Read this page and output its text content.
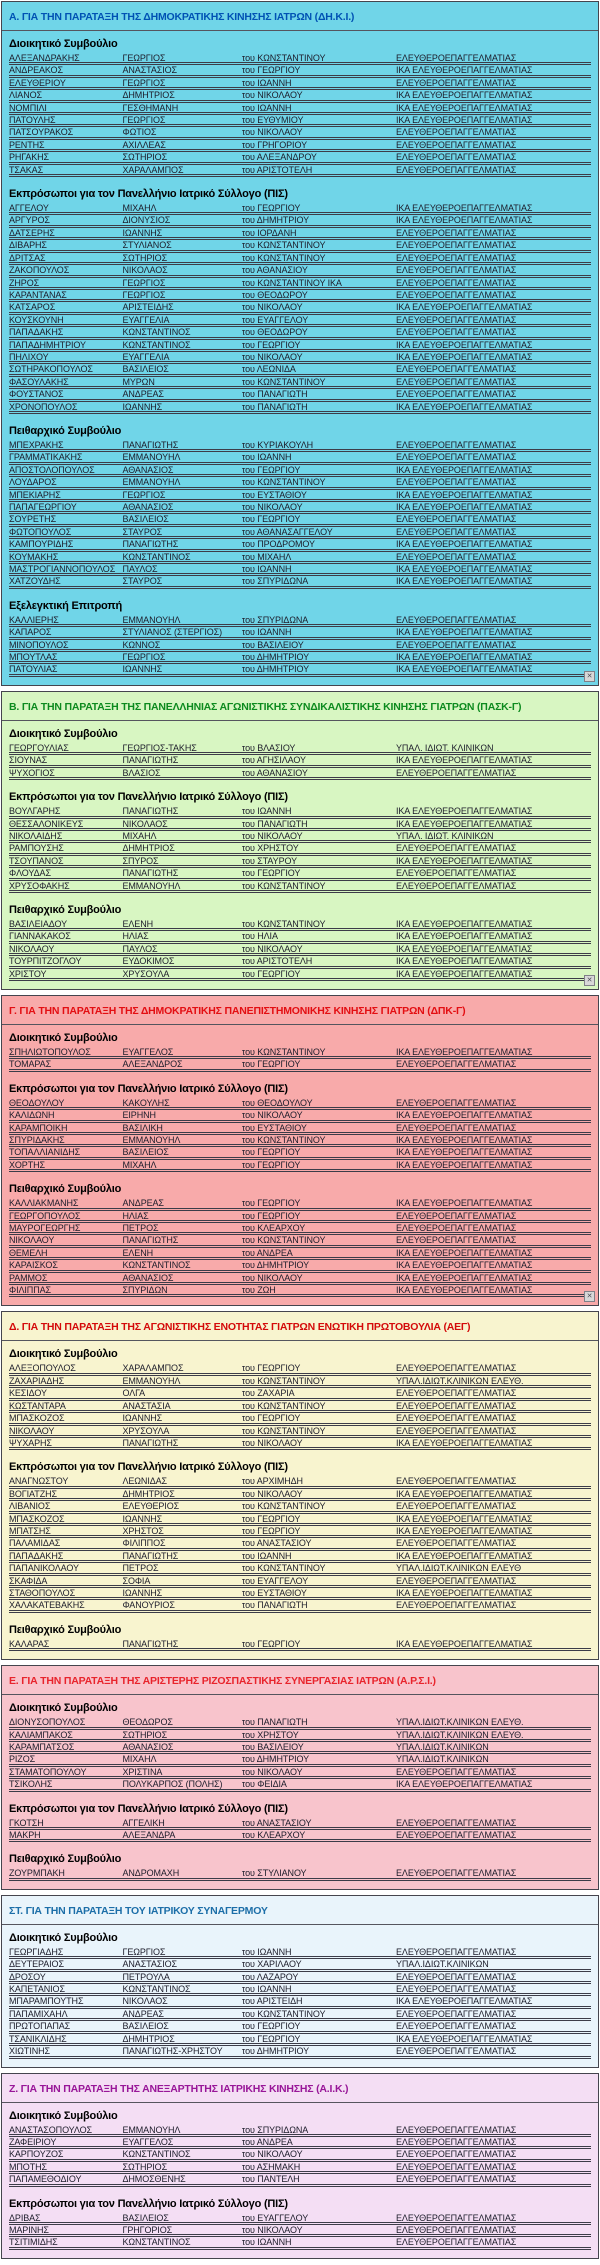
Α. ΓΙΑ ΤΗΝ ΠΑΡΑΤΑΞΗ ΤΗΣ ΔΗΜΟΚΡΑΤΙΚΗΣ ΚΙΝΗΣΗΣ ΙΑΤΡΩΝ (ΔΗ.Κ.Ι.)
Διοικητικό Συμβούλιο
ΑΛΕΞΑΝΔΡΑΚΗΣ	ΓΕΩΡΓΙΟΣ	του ΚΩΝΣΤΑΝΤΙΝΟΥ	ΕΛΕΥΘΕΡΟΕΠΑΓΓΕΛΜΑΤΙΑΣ
ΑΝΔΡΕΑΚΟΣ	ΑΝΑΣΤΑΣΙΟΣ	του ΓΕΩΡΓΙΟΥ	ΙΚΑ ΕΛΕΥΘΕΡΟΕΠΑΓΓΕΛΜΑΤΙΑΣ
ΕΛΕΥΘΕΡΙΟΥ	ΓΕΩΡΓΙΟΣ	του ΙΩΑΝΝΗ	ΕΛΕΥΘΕΡΟΕΠΑΓΓΕΛΜΑΤΙΑΣ
ΛΙΑΝΟΣ	ΔΗΜΗΤΡΙΟΣ	του ΝΙΚΟΛΑΟΥ	ΙΚΑ ΕΛΕΥΘΕΡΟΕΠΑΓΓΕΛΜΑΤΙΑΣ
ΝΟΜΠΙΛΙ	ΓΕΣΘΗΜΑΝΗ	του ΙΩΑΝΝΗ	ΙΚΑ ΕΛΕΥΘΕΡΟΕΠΑΓΓΕΛΜΑΤΙΑΣ
ΠΑΤΟΥΛΗΣ	ΓΕΩΡΓΙΟΣ	του ΕΥΘΥΜΙΟΥ	ΙΚΑ ΕΛΕΥΘΕΡΟΕΠΑΓΓΕΛΜΑΤΙΑΣ
ΠΑΤΣΟΥΡΑΚΟΣ	ΦΩΤΙΟΣ	του ΝΙΚΟΛΑΟΥ	ΕΛΕΥΘΕΡΟΕΠΑΓΓΕΛΜΑΤΙΑΣ
ΡΕΝΤΗΣ	ΑΧΙΛΛΕΑΣ	του ΓΡΗΓΟΡΙΟΥ	ΕΛΕΥΘΕΡΟΕΠΑΓΓΕΛΜΑΤΙΑΣ
ΡΗΓΑΚΗΣ	ΣΩΤΗΡΙΟΣ	του ΑΛΕΞΑΝΔΡΟΥ	ΕΛΕΥΘΕΡΟΕΠΑΓΓΕΛΜΑΤΙΑΣ
ΤΣΑΚΑΣ	ΧΑΡΑΛΑΜΠΟΣ	του ΑΡΙΣΤΟΤΕΛΗ	ΕΛΕΥΘΕΡΟΕΠΑΓΓΕΛΜΑΤΙΑΣ
Εκπρόσωποι για τον Πανελλήνιο Ιατρικό Σύλλογο (ΠΙΣ)
ΑΓΓΕΛΟΥ	ΜΙΧΑΗΛ	του ΓΕΩΡΓΙΟΥ	ΙΚΑ ΕΛΕΥΘΕΡΟΕΠΑΓΓΕΛΜΑΤΙΑΣ
ΑΡΓΥΡΟΣ	ΔΙΟΝΥΣΙΟΣ	του ΔΗΜΗΤΡΙΟΥ	ΙΚΑ ΕΛΕΥΘΕΡΟΕΠΑΓΓΕΛΜΑΤΙΑΣ
ΔΑΤΣΕΡΗΣ	ΙΩΑΝΝΗΣ	του ΙΟΡΔΑΝΗ	ΕΛΕΥΘΕΡΟΕΠΑΓΓΕΛΜΑΤΙΑΣ
ΔΙΒΑΡΗΣ	ΣΤΥΛΙΑΝΟΣ	του ΚΩΝΣΤΑΝΤΙΝΟΥ	ΕΛΕΥΘΕΡΟΕΠΑΓΓΕΛΜΑΤΙΑΣ
ΔΡΙΤΣΑΣ	ΣΩΤΗΡΙΟΣ	του ΚΩΝΣΤΑΝΤΙΝΟΥ	ΕΛΕΥΘΕΡΟΕΠΑΓΓΕΛΜΑΤΙΑΣ
ΖΑΚΟΠΟΥΛΟΣ	ΝΙΚΟΛΑΟΣ	του ΑΘΑΝΑΣΙΟΥ	ΕΛΕΥΘΕΡΟΕΠΑΓΓΕΛΜΑΤΙΑΣ
ΖΗΡΟΣ	ΓΕΩΡΓΙΟΣ	του ΚΩΝΣΤΑΝΤΙΝΟΥ ΙΚΑ	ΕΛΕΥΘΕΡΟΕΠΑΓΓΕΛΜΑΤΙΑΣ
ΚΑΡΑΝΤΑΝΑΣ	ΓΕΩΡΓΙΟΣ	του ΘΕΟΔΩΡΟΥ	ΕΛΕΥΘΕΡΟΕΠΑΓΓΕΛΜΑΤΙΑΣ
ΚΑΤΣΑΡΟΣ	ΑΡΙΣΤΕΙΔΗΣ	του ΝΙΚΟΛΑΟΥ	ΙΚΑ ΕΛΕΥΘΕΡΟΕΠΑΓΓΕΛΜΑΤΙΑΣ
ΚΟΥΣΚΟΥΝΗ	ΕΥΑΓΓΕΛΙΑ	του ΕΥΑΓΓΕΛΟΥ	ΕΛΕΥΘΕΡΟΕΠΑΓΓΕΛΜΑΤΙΑΣ
ΠΑΠΑΔΑΚΗΣ	ΚΩΝΣΤΑΝΤΙΝΟΣ	του ΘΕΟΔΩΡΟΥ	ΕΛΕΥΘΕΡΟΕΠΑΓΓΕΛΜΑΤΙΑΣ
ΠΑΠΑΔΗΜΗΤΡΙΟΥ	ΚΩΝΣΤΑΝΤΙΝΟΣ	του ΓΕΩΡΓΙΟΥ	ΙΚΑ ΕΛΕΥΘΕΡΟΕΠΑΓΓΕΛΜΑΤΙΑΣ
ΠΗΛΙΧΟΥ	ΕΥΑΓΓΕΛΙΑ	του ΝΙΚΟΛΑΟΥ	ΙΚΑ ΕΛΕΥΘΕΡΟΕΠΑΓΓΕΛΜΑΤΙΑΣ
ΣΩΤΗΡΑΚΟΠΟΥΛΟΣ	ΒΑΣΙΛΕΙΟΣ	του ΛΕΩΝΙΔΑ	ΕΛΕΥΘΕΡΟΕΠΑΓΓΕΛΜΑΤΙΑΣ
ΦΑΣΟΥΛΑΚΗΣ	ΜΥΡΩΝ	του ΚΩΝΣΤΑΝΤΙΝΟΥ	ΕΛΕΥΘΕΡΟΕΠΑΓΓΕΛΜΑΤΙΑΣ
ΦΟΥΣΤΑΝΟΣ	ΑΝΔΡΕΑΣ	του ΠΑΝΑΓΙΩΤΗ	ΕΛΕΥΘΕΡΟΕΠΑΓΓΕΛΜΑΤΙΑΣ
ΧΡΟΝΟΠΟΥΛΟΣ	ΙΩΑΝΝΗΣ	του ΠΑΝΑΓΙΩΤΗ	ΙΚΑ ΕΛΕΥΘΕΡΟΕΠΑΓΓΕΛΜΑΤΙΑΣ
Πειθαρχικό Συμβούλιο
ΜΠΕΧΡΑΚΗΣ	ΠΑΝΑΓΙΩΤΗΣ	του ΚΥΡΙΑΚΟΥΛΗ	ΕΛΕΥΘΕΡΟΕΠΑΓΓΕΛΜΑΤΙΑΣ
ΓΡΑΜΜΑΤΙΚΑΚΗΣ	ΕΜΜΑΝΟΥΗΛ	του ΙΩΑΝΝΗ	ΕΛΕΥΘΕΡΟΕΠΑΓΓΕΛΜΑΤΙΑΣ
ΑΠΟΣΤΟΛΟΠΟΥΛΟΣ	ΑΘΑΝΑΣΙΟΣ	του ΓΕΩΡΓΙΟΥ	ΙΚΑ ΕΛΕΥΘΕΡΟΕΠΑΓΓΕΛΜΑΤΙΑΣ
ΛΟΥΔΑΡΟΣ	ΕΜΜΑΝΟΥΗΛ	του ΚΩΝΣΤΑΝΤΙΝΟΥ	ΕΛΕΥΘΕΡΟΕΠΑΓΓΕΛΜΑΤΙΑΣ
ΜΠΕΚΙΑΡΗΣ	ΓΕΩΡΓΙΟΣ	του ΕΥΣΤΑΘΙΟΥ	ΙΚΑ ΕΛΕΥΘΕΡΟΕΠΑΓΓΕΛΜΑΤΙΑΣ
ΠΑΠΑΓΕΩΡΓΙΟΥ	ΑΘΑΝΑΣΙΟΣ	του ΝΙΚΟΛΑΟΥ	ΙΚΑ ΕΛΕΥΘΕΡΟΕΠΑΓΓΕΛΜΑΤΙΑΣ
ΣΟΥΡΕΤΗΣ	ΒΑΣΙΛΕΙΟΣ	του ΓΕΩΡΓΙΟΥ	ΕΛΕΥΘΕΡΟΕΠΑΓΓΕΛΜΑΤΙΑΣ
ΦΩΤΟΠΟΥΛΟΣ	ΣΤΑΥΡΟΣ	του ΑΘΑΝΑΣΑΓΓΕΛΟΥ	ΕΛΕΥΘΕΡΟΕΠΑΓΓΕΛΜΑΤΙΑΣ
ΚΑΜΠΟΥΡΙΔΗΣ	ΠΑΝΑΓΙΩΤΗΣ	του ΠΡΟΔΡΟΜΟΥ	ΙΚΑ ΕΛΕΥΘΕΡΟΕΠΑΓΓΕΛΜΑΤΙΑΣ
ΚΟΥΜΑΚΗΣ	ΚΩΝΣΤΑΝΤΙΝΟΣ	του ΜΙΧΑΗΛ	ΕΛΕΥΘΕΡΟΕΠΑΓΓΕΛΜΑΤΙΑΣ
ΜΑΣΤΡΟΓΙΑΝΝΟΠΟΥΛΟΣ ΠΑΥΛΟΣ	του ΙΩΑΝΝΗ	ΙΚΑ ΕΛΕΥΘΕΡΟΕΠΑΓΓΕΛΜΑΤΙΑΣ
ΧΑΤΖΟΥΔΗΣ	ΣΤΑΥΡΟΣ	του ΣΠΥΡΙΔΩΝΑ	ΙΚΑ ΕΛΕΥΘΕΡΟΕΠΑΓΓΕΛΜΑΤΙΑΣ
Εξελεγκτική Επιτροπή
ΚΑΛΛΙΕΡΗΣ	ΕΜΜΑΝΟΥΗΛ	του ΣΠΥΡΙΔΩΝΑ	ΕΛΕΥΘΕΡΟΕΠΑΓΓΕΛΜΑΤΙΑΣ
ΚΑΠΑΡΟΣ	ΣΤΥΛΙΑΝΟΣ (ΣΤΕΡΓΙΟΣ)	του ΙΩΑΝΝΗ	ΙΚΑ ΕΛΕΥΘΕΡΟΕΠΑΓΓΕΛΜΑΤΙΑΣ
ΜΙΝΟΠΟΥΛΟΣ	ΚΩΝΝΟΣ	του ΒΑΣΙΛΕΙΟΥ	ΕΛΕΥΘΕΡΟΕΠΑΓΓΕΛΜΑΤΙΑΣ
ΜΠΟΥΤΛΑΣ	ΓΕΩΡΓΙΟΣ	του ΔΗΜΗΤΡΙΟΥ	ΙΚΑ ΕΛΕΥΘΕΡΟΕΠΑΓΓΕΛΜΑΤΙΑΣ
ΠΑΤΟΥΛΙΑΣ	ΙΩΑΝΝΗΣ	του ΔΗΜΗΤΡΙΟΥ	ΙΚΑ ΕΛΕΥΘΕΡΟΕΠΑΓΓΕΛΜΑΤΙΑΣ
✕
Β. ΓΙΑ ΤΗΝ ΠΑΡΑΤΑΞΗ ΤΗΣ ΠΑΝΕΛΛΗΝΙΑΣ ΑΓΩΝΙΣΤΙΚΗΣ ΣΥΝΔΙΚΑΛΙΣΤΙΚΗΣ ΚΙΝΗΣΗΣ ΓΙΑΤΡΩΝ (ΠΑΣΚ-Γ)
Διοικητικό Συμβούλιο
ΓΕΩΡΓΟΥΛΙΑΣ	ΓΕΩΡΓΙΟΣ-ΤΑΚΗΣ	του ΒΛΑΣΙΟΥ	ΥΠΑΛ. ΙΔΙΩΤ. ΚΛΙΝΙΚΩΝ
ΣΙΟΥΝΑΣ	ΠΑΝΑΓΙΩΤΗΣ	του ΑΓΗΣΙΛΑΟΥ	ΙΚΑ ΕΛΕΥΘΕΡΟΕΠΑΓΓΕΛΜΑΤΙΑΣ
ΨΥΧΟΓΙΟΣ	ΒΛΑΣΙΟΣ	του ΑΘΑΝΑΣΙΟΥ	ΕΛΕΥΘΕΡΟΕΠΑΓΓΕΛΜΑΤΙΑΣ
Εκπρόσωποι για τον Πανελλήνιο Ιατρικό Σύλλογο (ΠΙΣ)
ΒΟΥΛΓΑΡΗΣ	ΠΑΝΑΓΙΩΤΗΣ	του ΙΩΑΝΝΗ	ΙΚΑ ΕΛΕΥΘΕΡΟΕΠΑΓΓΕΛΜΑΤΙΑΣ
ΘΕΣΣΑΛΟΝΙΚΕΥΣ	ΝΙΚΟΛΑΟΣ	του ΠΑΝΑΓΙΩΤΗ	ΙΚΑ ΕΛΕΥΘΕΡΟΕΠΑΓΓΕΛΜΑΤΙΑΣ
ΝΙΚΟΛΑΪΔΗΣ	ΜΙΧΑΗΛ	του ΝΙΚΟΛΑΟΥ	ΥΠΑΛ. ΙΔΙΩΤ. ΚΛΙΝΙΚΩΝ
ΡΑΜΠΟΥΣΗΣ	ΔΗΜΗΤΡΙΟΣ	του ΧΡΗΣΤΟΥ	ΕΛΕΥΘΕΡΟΕΠΑΓΓΕΛΜΑΤΙΑΣ
ΤΣΟΥΠΑΝΟΣ	ΣΠΥΡΟΣ	του ΣΤΑΥΡΟΥ	ΙΚΑ ΕΛΕΥΘΕΡΟΕΠΑΓΓΕΛΜΑΤΙΑΣ
ΦΛΟΥΔΑΣ	ΠΑΝΑΓΙΩΤΗΣ	του ΓΕΩΡΓΙΟΥ	ΕΛΕΥΘΕΡΟΕΠΑΓΓΕΛΜΑΤΙΑΣ
ΧΡΥΣΟΦΑΚΗΣ	ΕΜΜΑΝΟΥΗΛ	του ΚΩΝΣΤΑΝΤΙΝΟΥ	ΕΛΕΥΘΕΡΟΕΠΑΓΓΕΛΜΑΤΙΑΣ
Πειθαρχικό Συμβούλιο
ΒΑΣΙΛΕΙΑΔΟΥ	ΕΛΕΝΗ	του ΚΩΝΣΤΑΝΤΙΝΟΥ	ΙΚΑ ΕΛΕΥΘΕΡΟΕΠΑΓΓΕΛΜΑΤΙΑΣ
ΓΙΑΝΝΑΚΑΚΟΣ	ΗΛΙΑΣ	του ΗΛΙΑ	ΙΚΑ ΕΛΕΥΘΕΡΟΕΠΑΓΓΕΛΜΑΤΙΑΣ
ΝΙΚΟΛΑΟΥ	ΠΑΥΛΟΣ	του ΝΙΚΟΛΑΟΥ	ΙΚΑ ΕΛΕΥΘΕΡΟΕΠΑΓΓΕΛΜΑΤΙΑΣ
ΤΟΥΡΠΙΤΖΟΓΛΟΥ	ΕΥΔΟΚΙΜΟΣ	του ΑΡΙΣΤΟΤΕΛΗ	ΙΚΑ ΕΛΕΥΘΕΡΟΕΠΑΓΓΕΛΜΑΤΙΑΣ
ΧΡΙΣΤΟΥ	ΧΡΥΣΟΥΛΑ	του ΓΕΩΡΓΙΟΥ	ΙΚΑ ΕΛΕΥΘΕΡΟΕΠΑΓΓΕΛΜΑΤΙΑΣ
✕
Γ. ΓΙΑ ΤΗΝ ΠΑΡΑΤΑΞΗ ΤΗΣ ΔΗΜΟΚΡΑΤΙΚΗΣ ΠΑΝΕΠΙΣΤΗΜΟΝΙΚΗΣ ΚΙΝΗΣΗΣ ΓΙΑΤΡΩΝ (ΔΠΚ-Γ)
Διοικητικό Συμβούλιο
ΣΠΗΛΙΩΤΟΠΟΥΛΟΣ	ΕΥΑΓΓΕΛΟΣ	του ΚΩΝΣΤΑΝΤΙΝΟΥ	ΙΚΑ ΕΛΕΥΘΕΡΟΕΠΑΓΓΕΛΜΑΤΙΑΣ
ΤΟΜΑΡΑΣ	ΑΛΕΞΑΝΔΡΟΣ	του ΓΕΩΡΓΙΟΥ	ΕΛΕΥΘΕΡΟΕΠΑΓΓΕΛΜΑΤΙΑΣ
Εκπρόσωποι για τον Πανελλήνιο Ιατρικό Σύλλογο (ΠΙΣ)
ΘΕΟΔΟΥΛΟΥ	ΚΑΚΟΥΛΗΣ	του ΘΕΟΔΟΥΛΟΥ	ΕΛΕΥΘΕΡΟΕΠΑΓΓΕΛΜΑΤΙΑΣ
ΚΑΛΙΔΩΝΗ	ΕΙΡΗΝΗ	του ΝΙΚΟΛΑΟΥ	ΙΚΑ ΕΛΕΥΘΕΡΟΕΠΑΓΓΕΛΜΑΤΙΑΣ
ΚΑΡΑΜΠΟΪΚΗ	ΒΑΣΙΛΙΚΗ	του ΕΥΣΤΑΘΙΟΥ	ΕΛΕΥΘΕΡΟΕΠΑΓΓΕΛΜΑΤΙΑΣ
ΣΠΥΡΙΔΑΚΗΣ	ΕΜΜΑΝΟΥΗΛ	του ΚΩΝΣΤΑΝΤΙΝΟΥ	ΙΚΑ ΕΛΕΥΘΕΡΟΕΠΑΓΓΕΛΜΑΤΙΑΣ
ΤΟΠΑΛΛΙΑΝΙΔΗΣ	ΒΑΣΙΛΕΙΟΣ	του ΓΕΩΡΓΙΟΥ	ΙΚΑ ΕΛΕΥΘΕΡΟΕΠΑΓΓΕΛΜΑΤΙΑΣ
ΧΟΡΤΗΣ	ΜΙΧΑΗΛ	του ΓΕΩΡΓΙΟΥ	ΙΚΑ ΕΛΕΥΘΕΡΟΕΠΑΓΓΕΛΜΑΤΙΑΣ
Πειθαρχικό Συμβούλιο
ΚΑΛΛΙΑΚΜΑΝΗΣ	ΑΝΔΡΕΑΣ	του ΓΕΩΡΓΙΟΥ	ΙΚΑ ΕΛΕΥΘΕΡΟΕΠΑΓΓΕΛΜΑΤΙΑΣ
ΓΕΩΡΓΟΠΟΥΛΟΣ	ΗΛΙΑΣ	του ΓΕΩΡΓΙΟΥ	ΕΛΕΥΘΕΡΟΕΠΑΓΓΕΛΜΑΤΙΑΣ
ΜΑΥΡΟΓΕΩΡΓΗΣ	ΠΕΤΡΟΣ	του ΚΛΕΑΡΧΟΥ	ΕΛΕΥΘΕΡΟΕΠΑΓΓΕΛΜΑΤΙΑΣ
ΝΙΚΟΛΑΟΥ	ΠΑΝΑΓΙΩΤΗΣ	του ΚΩΝΣΤΑΝΤΙΝΟΥ	ΕΛΕΥΘΕΡΟΕΠΑΓΓΕΛΜΑΤΙΑΣ
ΘΕΜΕΛΗ	ΕΛΕΝΗ	του ΑΝΔΡΕΑ	ΙΚΑ ΕΛΕΥΘΕΡΟΕΠΑΓΓΕΛΜΑΤΙΑΣ
ΚΑΡΑΪΣΚΟΣ	ΚΩΝΣΤΑΝΤΙΝΟΣ	του ΔΗΜΗΤΡΙΟΥ	ΙΚΑ ΕΛΕΥΘΕΡΟΕΠΑΓΓΕΛΜΑΤΙΑΣ
ΡΑΜΜΟΣ	ΑΘΑΝΑΣΙΟΣ	του ΝΙΚΟΛΑΟΥ	ΙΚΑ ΕΛΕΥΘΕΡΟΕΠΑΓΓΕΛΜΑΤΙΑΣ
ΦΙΛΙΠΠΑΣ	ΣΠΥΡΙΔΩΝ	του ΖΩΗ	ΙΚΑ ΕΛΕΥΘΕΡΟΕΠΑΓΓΕΛΜΑΤΙΑΣ
✕
Δ. ΓΙΑ ΤΗΝ ΠΑΡΑΤΑΞΗ ΤΗΣ ΑΓΩΝΙΣΤΙΚΗΣ ΕΝΟΤΗΤΑΣ ΓΙΑΤΡΩΝ ΕΝΩΤΙΚΗ ΠΡΩΤΟΒΟΥΛΙΑ (ΑΕΓ)
Διοικητικό Συμβούλιο
ΑΛΕΞΟΠΟΥΛΟΣ	ΧΑΡΑΛΑΜΠΟΣ	του ΓΕΩΡΓΙΟΥ	ΕΛΕΥΘΕΡΟΕΠΑΓΓΕΛΜΑΤΙΑΣ
ΖΑΧΑΡΙΑΔΗΣ	ΕΜΜΑΝΟΥΗΛ	του ΚΩΝΣΤΑΝΤΙΝΟΥ	ΥΠΑΛ.ΙΔΙΩΤ.ΚΛΙΝΙΚΩΝ ΕΛΕΥΘ.
ΚΕΣΙΔΟΥ	ΟΛΓΑ	του ΖΑΧΑΡΙΑ	ΕΛΕΥΘΕΡΟΕΠΑΓΓΕΛΜΑΤΙΑΣ
ΚΩΣΤΑΝΤΑΡΑ	ΑΝΑΣΤΑΣΙΑ	του ΚΩΝΣΤΑΝΤΙΝΟΥ	ΕΛΕΥΘΕΡΟΕΠΑΓΓΕΛΜΑΤΙΑΣ
ΜΠΑΣΚΟΖΟΣ	ΙΩΑΝΝΗΣ	του ΓΕΩΡΓΙΟΥ	ΕΛΕΥΘΕΡΟΕΠΑΓΓΕΛΜΑΤΙΑΣ
ΝΙΚΟΛΑΟΥ	ΧΡΥΣΟΥΛΑ	του ΚΩΝΣΤΑΝΤΙΝΟΥ	ΕΛΕΥΘΕΡΟΕΠΑΓΓΕΛΜΑΤΙΑΣ
ΨΥΧΑΡΗΣ	ΠΑΝΑΓΙΩΤΗΣ	του ΝΙΚΟΛΑΟΥ	ΙΚΑ ΕΛΕΥΘΕΡΟΕΠΑΓΓΕΛΜΑΤΙΑΣ
Εκπρόσωποι για τον Πανελλήνιο Ιατρικό Σύλλογο (ΠΙΣ)
ΑΝΑΓΝΩΣΤΟΥ	ΛΕΩΝΙΔΑΣ	του ΑΡΧΙΜΗΔΗ	ΕΛΕΥΘΕΡΟΕΠΑΓΓΕΛΜΑΤΙΑΣ
ΒΟΓΙΑΤΖΗΣ	ΔΗΜΗΤΡΙΟΣ	του ΝΙΚΟΛΑΟΥ	ΙΚΑ ΕΛΕΥΘΕΡΟΕΠΑΓΓΕΛΜΑΤΙΑΣ
ΛΙΒΑΝΙΟΣ	ΕΛΕΥΘΕΡΙΟΣ	του ΚΩΝΣΤΑΝΤΙΝΟΥ	ΕΛΕΥΘΕΡΟΕΠΑΓΓΕΛΜΑΤΙΑΣ
ΜΠΑΣΚΟΖΟΣ	ΙΩΑΝΝΗΣ	του ΓΕΩΡΓΙΟΥ	ΙΚΑ ΕΛΕΥΘΕΡΟΕΠΑΓΓΕΛΜΑΤΙΑΣ
ΜΠΑΤΣΗΣ	ΧΡΗΣΤΟΣ	του ΓΕΩΡΓΙΟΥ	ΙΚΑ ΕΛΕΥΘΕΡΟΕΠΑΓΓΕΛΜΑΤΙΑΣ
ΠΑΛΑΜΙΔΑΣ	ΦΙΛΙΠΠΟΣ	του ΑΝΑΣΤΑΣΙΟΥ	ΕΛΕΥΘΕΡΟΕΠΑΓΓΕΛΜΑΤΙΑΣ
ΠΑΠΑΔΑΚΗΣ	ΠΑΝΑΓΙΩΤΗΣ	του ΙΩΑΝΝΗ	ΙΚΑ ΕΛΕΥΘΕΡΟΕΠΑΓΓΕΛΜΑΤΙΑΣ
ΠΑΠΑΝΙΚΟΛΑΟΥ	ΠΕΤΡΟΣ	του ΚΩΝΣΤΑΝΤΙΝΟΥ	ΥΠΑΛ.ΙΔΙΩΤ.ΚΛΙΝΙΚΩΝ ΕΛΕΥΘ
ΣΚΑΦΙΔΑ	ΣΟΦΙΑ	του ΕΥΑΓΓΕΛΟΥ	ΕΛΕΥΘΕΡΟΕΠΑΓΓΕΛΜΑΤΙΑΣ
ΣΤΑΘΟΠΟΥΛΟΣ	ΙΩΑΝΝΗΣ	του ΕΥΣΤΑΘΙΟΥ	ΙΚΑ ΕΛΕΥΘΕΡΟΕΠΑΓΓΕΛΜΑΤΙΑΣ
ΧΑΛΑΚΑΤΕΒΑΚΗΣ	ΦΑΝΟΥΡΙΟΣ	του ΠΑΝΑΓΙΩΤΗ	ΕΛΕΥΘΕΡΟΕΠΑΓΓΕΛΜΑΤΙΑΣ
Πειθαρχικό Συμβούλιο
ΚΑΛΑΡΑΣ	ΠΑΝΑΓΙΩΤΗΣ	του ΓΕΩΡΓΙΟΥ	ΙΚΑ ΕΛΕΥΘΕΡΟΕΠΑΓΓΕΛΜΑΤΙΑΣ
Ε. ΓΙΑ ΤΗΝ ΠΑΡΑΤΑΞΗ ΤΗΣ ΑΡΙΣΤΕΡΗΣ ΡΙΖΟΣΠΑΣΤΙΚΗΣ ΣΥΝΕΡΓΑΣΙΑΣ ΙΑΤΡΩΝ (Α.Ρ.Σ.Ι.)
Διοικητικό Συμβούλιο
ΔΙΟΝΥΣΟΠΟΥΛΟΣ	ΘΕΟΔΩΡΟΣ	του ΠΑΝΑΓΙΩΤΗ	ΥΠΑΛ.ΙΔΙΩΤ.ΚΛΙΝΙΚΩΝ ΕΛΕΥΘ.
ΚΑΛΙΑΜΠΑΚΟΣ	ΣΩΤΗΡΙΟΣ	του ΧΡΗΣΤΟΥ	ΥΠΑΛ.ΙΔΙΩΤ.ΚΛΙΝΙΚΩΝ ΕΛΕΥΘ.
ΚΑΡΑΜΠΑΤΣΟΣ	ΑΘΑΝΑΣΙΟΣ	του ΒΑΣΙΛΕΙΟΥ	ΥΠΑΛ.ΙΔΙΩΤ.ΚΛΙΝΙΚΩΝ
ΡΙΖΟΣ	ΜΙΧΑΗΛ	του ΔΗΜΗΤΡΙΟΥ	ΥΠΑΛ.ΙΔΙΩΤ.ΚΛΙΝΙΚΩΝ
ΣΤΑΜΑΤΟΠΟΥΛΟΥ	ΧΡΙΣΤΙΝΑ	του ΝΙΚΟΛΑΟΥ	ΕΛΕΥΘΕΡΟΕΠΑΓΓΕΛΜΑΤΙΑΣ
ΤΣΙΚΟΛΗΣ	ΠΟΛΥΚΑΡΠΟΣ (ΠΟΛΗΣ)	του ΦΕΙΔΙΑ	ΙΚΑ ΕΛΕΥΘΕΡΟΕΠΑΓΓΕΛΜΑΤΙΑΣ
Εκπρόσωποι για τον Πανελλήνιο Ιατρικό Σύλλογο (ΠΙΣ)
ΓΚΟΤΣΗ	ΑΓΓΕΛΙΚΗ	του ΑΝΑΣΤΑΣΙΟΥ	ΕΛΕΥΘΕΡΟΕΠΑΓΓΕΛΜΑΤΙΑΣ
ΜΑΚΡΗ	ΑΛΕΞΑΝΔΡΑ	του ΚΛΕΑΡΧΟΥ	ΕΛΕΥΘΕΡΟΕΠΑΓΓΕΛΜΑΤΙΑΣ
Πειθαρχικό Συμβούλιο
ΖΟΥΡΜΠΑΚΗ	ΑΝΔΡΟΜΑΧΗ	του ΣΤΥΛΙΑΝΟΥ	ΕΛΕΥΘΕΡΟΕΠΑΓΓΕΛΜΑΤΙΑΣ
ΣΤ. ΓΙΑ ΤΗΝ ΠΑΡΑΤΑΞΗ ΤΟΥ ΙΑΤΡΙΚΟΥ ΣΥΝΑΓΕΡΜΟΥ
Διοικητικό Συμβούλιο
ΓΕΩΡΓΙΑΔΗΣ	ΓΕΩΡΓΙΟΣ	του ΙΩΑΝΝΗ	ΕΛΕΥΘΕΡΟΕΠΑΓΓΕΛΜΑΤΙΑΣ
ΔΕΥΤΕΡΑΙΟΣ	ΑΝΑΣΤΑΣΙΟΣ	του ΧΑΡΙΛΑΟΥ	ΥΠΑΛ.ΙΔΙΩΤ.ΚΛΙΝΙΚΩΝ
ΔΡΟΣΟΥ	ΠΕΤΡΟΥΛΑ	του ΛΑΖΑΡΟΥ	ΕΛΕΥΘΕΡΟΕΠΑΓΓΕΛΜΑΤΙΑΣ
ΚΑΠΕΤΑΝΙΟΣ	ΚΩΝΣΤΑΝΤΙΝΟΣ	του ΙΩΑΝΝΗ	ΕΛΕΥΘΕΡΟΕΠΑΓΓΕΛΜΑΤΙΑΣ
ΜΠΑΡΑΜΠΟΥΤΗΣ	ΝΙΚΟΛΑΟΣ	του ΑΡΙΣΤΕΙΔΗ	ΙΚΑ ΕΛΕΥΘΕΡΟΕΠΑΓΓΕΛΜΑΤΙΑΣ
ΠΑΠΑΜΙΧΑΗΛ	ΑΝΔΡΕΑΣ	του ΚΩΝΣΤΑΝΤΙΝΟΥ	ΕΛΕΥΘΕΡΟΕΠΑΓΓΕΛΜΑΤΙΑΣ
ΠΡΩΤΟΠΑΠΑΣ	ΒΑΣΙΛΕΙΟΣ	του ΓΕΩΡΓΙΟΥ	ΕΛΕΥΘΕΡΟΕΠΑΓΓΕΛΜΑΤΙΑΣ
ΤΣΑΝΙΚΛΙΔΗΣ	ΔΗΜΗΤΡΙΟΣ	του ΓΕΩΡΓΙΟΥ	ΙΚΑ ΕΛΕΥΘΕΡΟΕΠΑΓΓΕΛΜΑΤΙΑΣ
ΧΙΩΤΙΝΗΣ	ΠΑΝΑΓΙΩΤΗΣ-ΧΡΗΣΤΟΥ	του ΔΗΜΗΤΡΙΟΥ	ΕΛΕΥΘΕΡΟΕΠΑΓΓΕΛΜΑΤΙΑΣ
Ζ. ΓΙΑ ΤΗΝ ΠΑΡΑΤΑΞΗ ΤΗΣ ΑΝΕΞΑΡΤΗΤΗΣ ΙΑΤΡΙΚΗΣ ΚΙΝΗΣΗΣ (Α.Ι.Κ.)
Διοικητικό Συμβούλιο
ΑΝΑΣΤΑΣΟΠΟΥΛΟΣ	ΕΜΜΑΝΟΥΗΛ	του ΣΠΥΡΙΔΩΝΑ	ΕΛΕΥΘΕΡΟΕΠΑΓΓΕΛΜΑΤΙΑΣ
ΖΑΦΕΙΡΙΟΥ	ΕΥΑΓΓΕΛΟΣ	του ΑΝΔΡΕΑ	ΕΛΕΥΘΕΡΟΕΠΑΓΓΕΛΜΑΤΙΑΣ
ΚΑΡΠΟΥΖΟΣ	ΚΩΝΣΤΑΝΤΙΝΟΣ	του ΝΙΚΟΛΑΟΥ	ΕΛΕΥΘΕΡΟΕΠΑΓΓΕΛΜΑΤΙΑΣ
ΜΠΟΤΗΣ	ΣΩΤΗΡΙΟΣ	του ΑΣΗΜΑΚΗ	ΕΛΕΥΘΕΡΟΕΠΑΓΓΕΛΜΑΤΙΑΣ
ΠΑΠΑΜΕΘΟΔΙΟΥ	ΔΗΜΟΣΘΕΝΗΣ	του ΠΑΝΤΕΛΗ	ΕΛΕΥΘΕΡΟΕΠΑΓΓΕΛΜΑΤΙΑΣ
Εκπρόσωποι για τον Πανελλήνιο Ιατρικό Σύλλογο (ΠΙΣ)
ΔΡΙΒΑΣ	ΒΑΣΙΛΕΙΟΣ	του ΕΥΑΓΓΕΛΟΥ	ΕΛΕΥΘΕΡΟΕΠΑΓΓΕΛΜΑΤΙΑΣ
ΜΑΡΙΝΗΣ	ΓΡΗΓΟΡΙΟΣ	του ΝΙΚΟΛΑΟΥ	ΕΛΕΥΘΕΡΟΕΠΑΓΓΕΛΜΑΤΙΑΣ
ΤΣΙΤΙΜΙΔΗΣ	ΚΩΝΣΤΑΝΤΙΝΟΣ	του ΙΩΑΝΝΗ	ΕΛΕΥΘΕΡΟΕΠΑΓΓΕΛΜΑΤΙΑΣ
